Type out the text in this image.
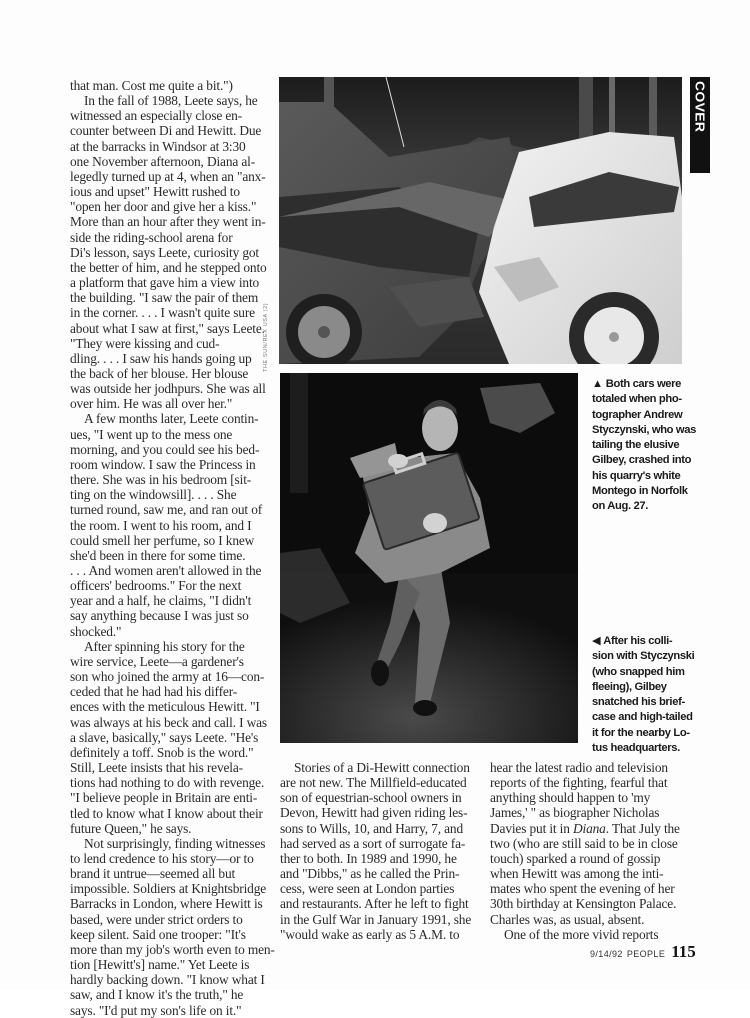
that man. Cost me quite a bit.")
In the fall of 1988, Leete says, he
witnessed an especially close en-
counter between Di and Hewitt. Due
at the barracks in Windsor at 3:30
one November afternoon, Diana al-
legedly turned up at 4, when an "anx-
ious and upset" Hewitt rushed to
"open her door and give her a kiss."
More than an hour after they went in-
side the riding-school arena for
Di's lesson, says Leete, curiosity got
the better of him, and he stepped onto
a platform that gave him a view into
the building. "I saw the pair of them
in the corner. . . . I wasn't quite sure
about what I saw at first," says Leete.
"They were kissing and cud-
dling. . . . I saw his hands going up
the back of her blouse. Her blouse
was outside her jodhpurs. She was all
over him. He was all over her."
A few months later, Leete contin-
ues, "I went up to the mess one
morning, and you could see his bed-
room window. I saw the Princess in
there. She was in his bedroom [sit-
ting on the windowsill]. . . . She
turned round, saw me, and ran out of
the room. I went to his room, and I
could smell her perfume, so I knew
she'd been in there for some time.
. . . And women aren't allowed in the
officers' bedrooms." For the next
year and a half, he claims, "I didn't
say anything because I was just so
shocked."
After spinning his story for the
wire service, Leete—a gardener's
son who joined the army at 16—con-
ceded that he had had his differ-
ences with the meticulous Hewitt. "I
was always at his beck and call. I was
a slave, basically," says Leete. "He's
definitely a toff. Snob is the word."
Still, Leete insists that his revela-
tions had nothing to do with revenge.
"I believe people in Britain are enti-
tled to know what I know about their
future Queen," he says.
Not surprisingly, finding witnesses
to lend credence to his story—or to
brand it untrue—seemed all but
impossible. Soldiers at Knightsbridge
Barracks in London, where Hewitt is
based, were under strict orders to
keep silent. Said one trooper: "It's
more than my job's worth even to men-
tion [Hewitt's] name." Yet Leete is
hardly backing down. "I know what I
saw, and I know it's the truth," he
says. "I'd put my son's life on it."
THE SUN/REX USA (2)
COVER
▲ Both cars were
totaled when pho-
tographer Andrew
Styczynski, who was
tailing the elusive
Gilbey, crashed into
his quarry's white
Montego in Norfolk
on Aug. 27.
◀ After his colli-
sion with Styczynski
(who snapped him
fleeing), Gilbey
snatched his brief-
case and high-tailed
it for the nearby Lo-
tus headquarters.
Stories of a Di-Hewitt connection
are not new. The Millfield-educated
son of equestrian-school owners in
Devon, Hewitt had given riding les-
sons to Wills, 10, and Harry, 7, and
had served as a sort of surrogate fa-
ther to both. In 1989 and 1990, he
and "Dibbs," as he called the Prin-
cess, were seen at London parties
and restaurants. After he left to fight
in the Gulf War in January 1991, she
"would wake as early as 5 A.M. to
hear the latest radio and television
reports of the fighting, fearful that
anything should happen to 'my
James,' " as biographer Nicholas
Davies put it in Diana. That July the
two (who are still said to be in close
touch) sparked a round of gossip
when Hewitt was among the inti-
mates who spent the evening of her
30th birthday at Kensington Palace.
Charles was, as usual, absent.
One of the more vivid reports
9/14/92 PEOPLE 115
